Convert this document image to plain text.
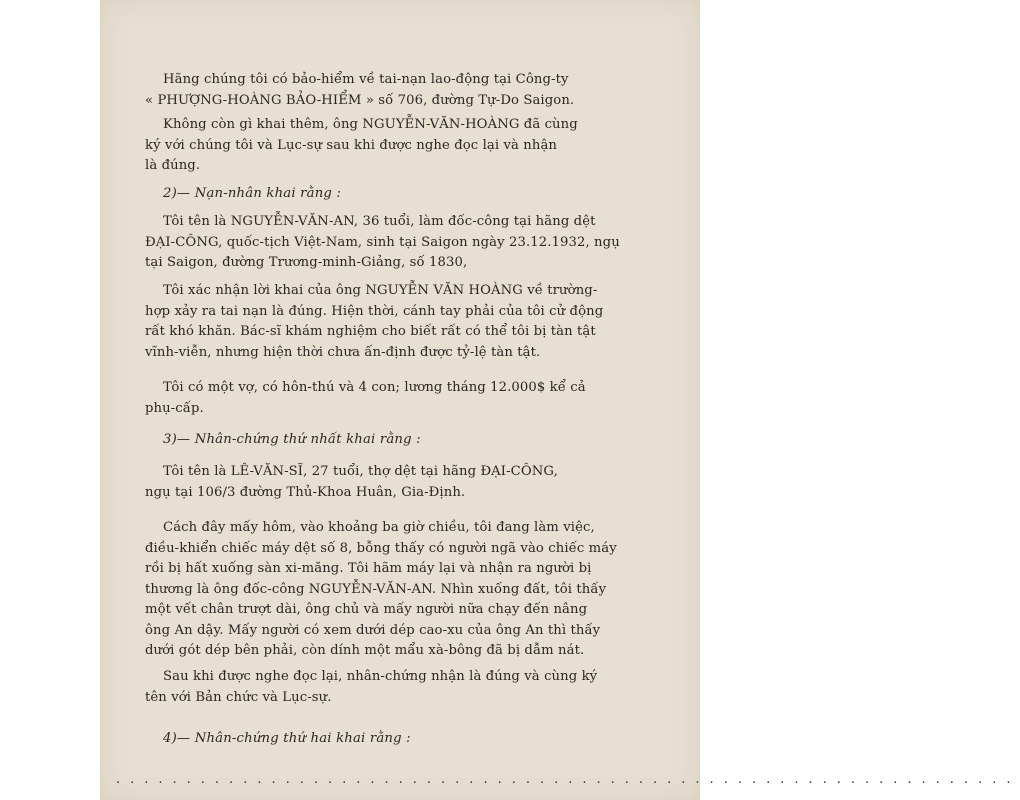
Hãng chúng tôi có bảo-hiểm về tai-nạn lao-động tại Công-ty
« PHƯỢNG-HOÀNG BẢO-HIỂM » số 706, đường Tự-Do Saigon.
Không còn gì khai thêm, ông NGUYỄN-VĂN-HOÀNG đã cùng
ký với chúng tôi và Lục-sự sau khi được nghe đọc lại và nhận
là đúng.
2)— Nạn-nhân khai rằng :
Tôi tên là NGUYỄN-VĂN-AN, 36 tuổi, làm đốc-công tại hãng dệt
ĐẠI-CÔNG, quốc-tịch Việt-Nam, sinh tại Saigon ngày 23.12.1932, ngụ
tại Saigon, đường Trương-minh-Giảng, số 1830,
Tôi xác nhận lời khai của ông NGUYỄN VĂN HOÀNG về trường-
hợp xảy ra tai nạn là đúng. Hiện thời, cánh tay phải của tôi cử động
rất khó khăn. Bác-sĩ khám nghiệm cho biết rất có thể tôi bị tàn tật
vĩnh-viễn, nhưng hiện thời chưa ấn-định được tỷ-lệ tàn tật.
Tôi có một vợ, có hôn-thú và 4 con; lương tháng 12.000$ kể cả
phụ-cấp.
3)— Nhân-chứng thứ nhất khai rằng :
Tôi tên là LÊ-VĂN-SĨ, 27 tuổi, thợ dệt tại hãng ĐẠI-CÔNG,
ngụ tại 106/3 đường Thủ-Khoa Huân, Gia-Định.
Cách đây mấy hôm, vào khoảng ba giờ chiều, tôi đang làm việc,
điều-khiển chiếc máy dệt số 8, bỗng thấy có người ngã vào chiếc máy
rồi bị hất xuống sàn xi-măng. Tôi hãm máy lại và nhận ra người bị
thương là ông đốc-công NGUYỄN-VĂN-AN. Nhìn xuống đất, tôi thấy
một vết chân trượt dài, ông chủ và mấy người nữa chạy đến nâng
ông An dậy. Mấy người có xem dưới dép cao-xu của ông An thì thấy
dưới gót dép bên phải, còn dính một mẩu xà-bông đã bị dẫm nát.
Sau khi được nghe đọc lại, nhân-chứng nhận là đúng và cùng ký
tên với Bản chức và Lục-sự.
4)— Nhân-chứng thứ hai khai rằng :
................................................................
